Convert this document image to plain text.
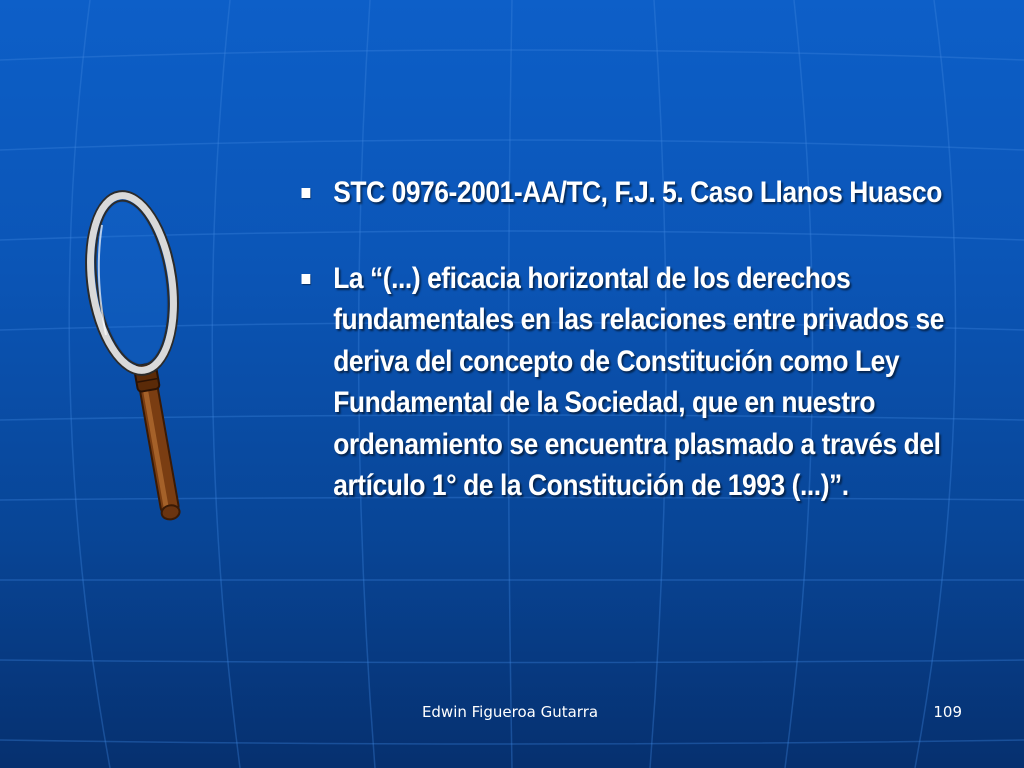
STC 0976-2001-AA/TC, F.J. 5. Caso Llanos Huasco
La “(...) eficacia horizontal de los derechos fundamentales en las relaciones entre privados se deriva del concepto de Constitución como Ley Fundamental de la Sociedad, que en nuestro ordenamiento se encuentra plasmado a través del artículo 1° de la Constitución de 1993 (...)”.
Edwin Figueroa Gutarra	109
